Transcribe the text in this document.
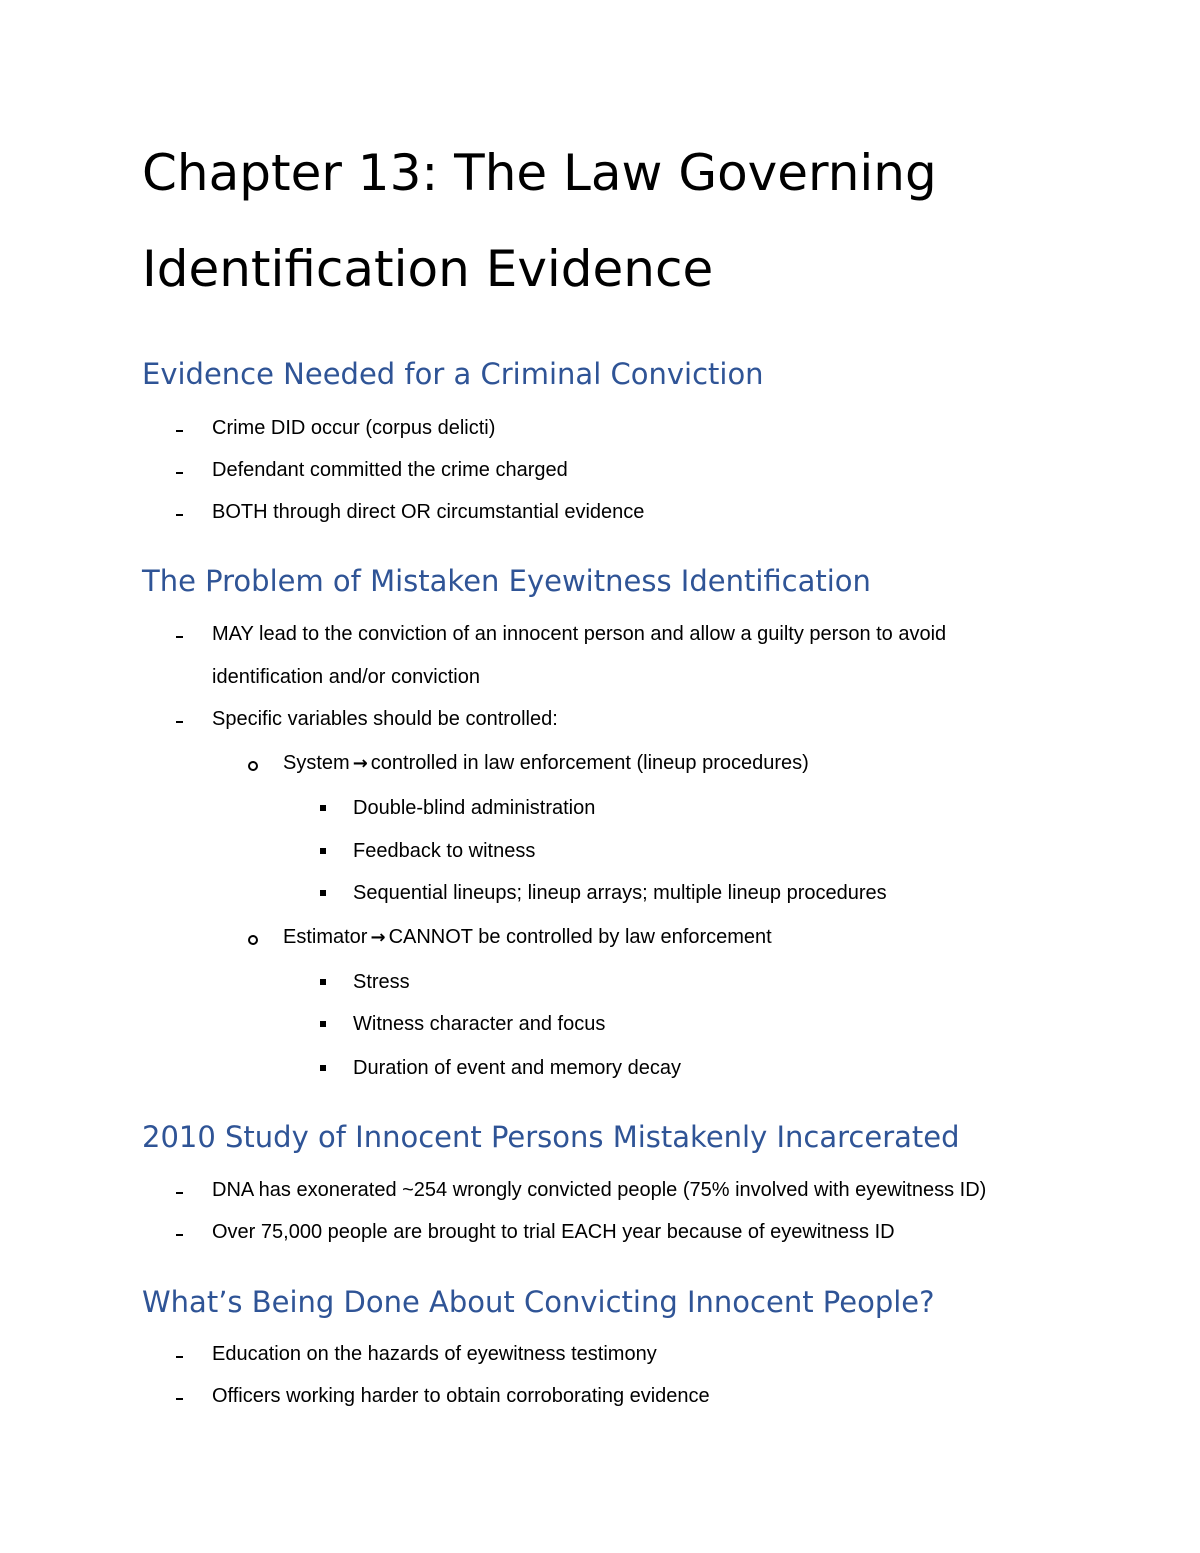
Chapter 13: The Law Governing
Identification Evidence
Evidence Needed for a Criminal Conviction
Crime DID occur (corpus delicti)
Defendant committed the crime charged
BOTH through direct OR circumstantial evidence
The Problem of Mistaken Eyewitness Identification
MAY lead to the conviction of an innocent person and allow a guilty person to avoid
identification and/or conviction
Specific variables should be controlled:
System → controlled in law enforcement (lineup procedures)
Double-blind administration
Feedback to witness
Sequential lineups; lineup arrays; multiple lineup procedures
Estimator → CANNOT be controlled by law enforcement
Stress
Witness character and focus
Duration of event and memory decay
2010 Study of Innocent Persons Mistakenly Incarcerated
DNA has exonerated ~254 wrongly convicted people (75% involved with eyewitness ID)
Over 75,000 people are brought to trial EACH year because of eyewitness ID
What’s Being Done About Convicting Innocent People?
Education on the hazards of eyewitness testimony
Officers working harder to obtain corroborating evidence
